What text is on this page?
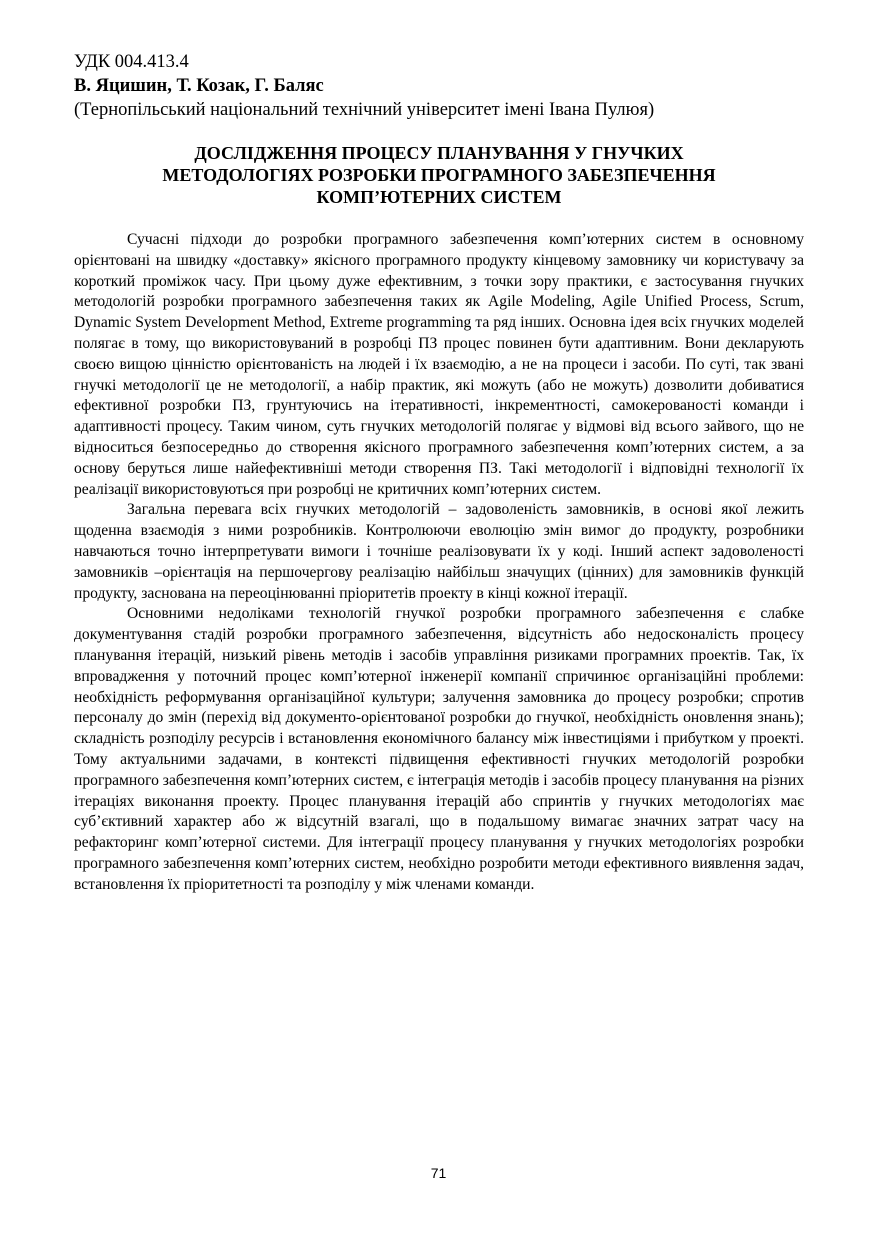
УДК 004.413.4

В. Яцишин, Т. Козак, Г. Баляс

(Тернопільський національний технічний університет імені Івана Пулюя)

ДОСЛІДЖЕННЯ ПРОЦЕСУ ПЛАНУВАННЯ У ГНУЧКИХ
МЕТОДОЛОГІЯХ РОЗРОБКИ ПРОГРАМНОГО ЗАБЕЗПЕЧЕННЯ
КОМП’ЮТЕРНИХ СИСТЕМ

Сучасні підходи до розробки програмного забезпечення комп’ютерних систем в основному орієнтовані на швидку «доставку» якісного програмного продукту кінцевому замовнику чи користувачу за короткий проміжок часу. При цьому дуже ефективним, з точки зору практики, є застосування гнучких методологій розробки програмного забезпечення таких як Agile Modeling, Agile Unified Process, Scrum, Dynamic System Development Method, Extreme programming та ряд інших. Основна ідея всіх гнучких моделей полягає в тому, що використовуваний в розробці ПЗ процес повинен бути адаптивним. Вони декларують своєю вищою цінністю орієнтованість на людей і їх взаємодію, а не на процеси і засоби. По суті, так звані гнучкі методології це не методології, а набір практик, які можуть (або не можуть) дозволити добиватися ефективної розробки ПЗ, грунтуючись на ітеративності, інкрементності, самокерованості команди і адаптивності процесу. Таким чином, суть гнучких методологій полягає у відмові від всього зайвого, що не відноситься безпосередньо до створення якісного програмного забезпечення комп’ютерних систем, а за основу беруться лише найефективніші методи створення ПЗ. Такі методології і відповідні технології їх реалізації використовуються при розробці не критичних комп’ютерних систем.

Загальна перевага всіх гнучких методологій – задоволеність замовників, в основі якої лежить щоденна взаємодія з ними розробників. Контролюючи еволюцію змін вимог до продукту, розробники навчаються точно інтерпретувати вимоги і точніше реалізовувати їх у коді. Інший аспект задоволеності замовників –орієнтація на першочергову реалізацію найбільш значущих (цінних) для замовників функцій продукту, заснована на переоцінюванні пріоритетів проекту в кінці кожної ітерації.

Основними недоліками технологій гнучкої розробки програмного забезпечення є слабке документування стадій розробки програмного забезпечення, відсутність або недосконалість процесу планування ітерацій, низький рівень методів і засобів управління ризиками програмних проектів. Так, їх впровадження у поточний процес комп’ютерної інженерії компанії спричинює організаційні проблеми: необхідність реформування організаційної культури; залучення замовника до процесу розробки; спротив персоналу до змін (перехід від документо-орієнтованої розробки до гнучкої, необхідність оновлення знань); складність розподілу ресурсів і встановлення економічного балансу між інвестиціями і прибутком у проекті. Тому актуальними задачами, в контексті підвищення ефективності гнучких методологій розробки програмного забезпечення комп’ютерних систем, є інтеграція методів і засобів процесу планування на різних ітераціях виконання проекту. Процес планування ітерацій або спринтів у гнучких методологіях має суб’єктивний характер або ж відсутній взагалі, що в подальшому вимагає значних затрат часу на рефакторинг комп’ютерної системи. Для інтеграції процесу планування у гнучких методологіях розробки програмного забезпечення комп’ютерних систем, необхідно розробити методи ефективного виявлення задач, встановлення їх пріоритетності та розподілу у між членами команди.

71
